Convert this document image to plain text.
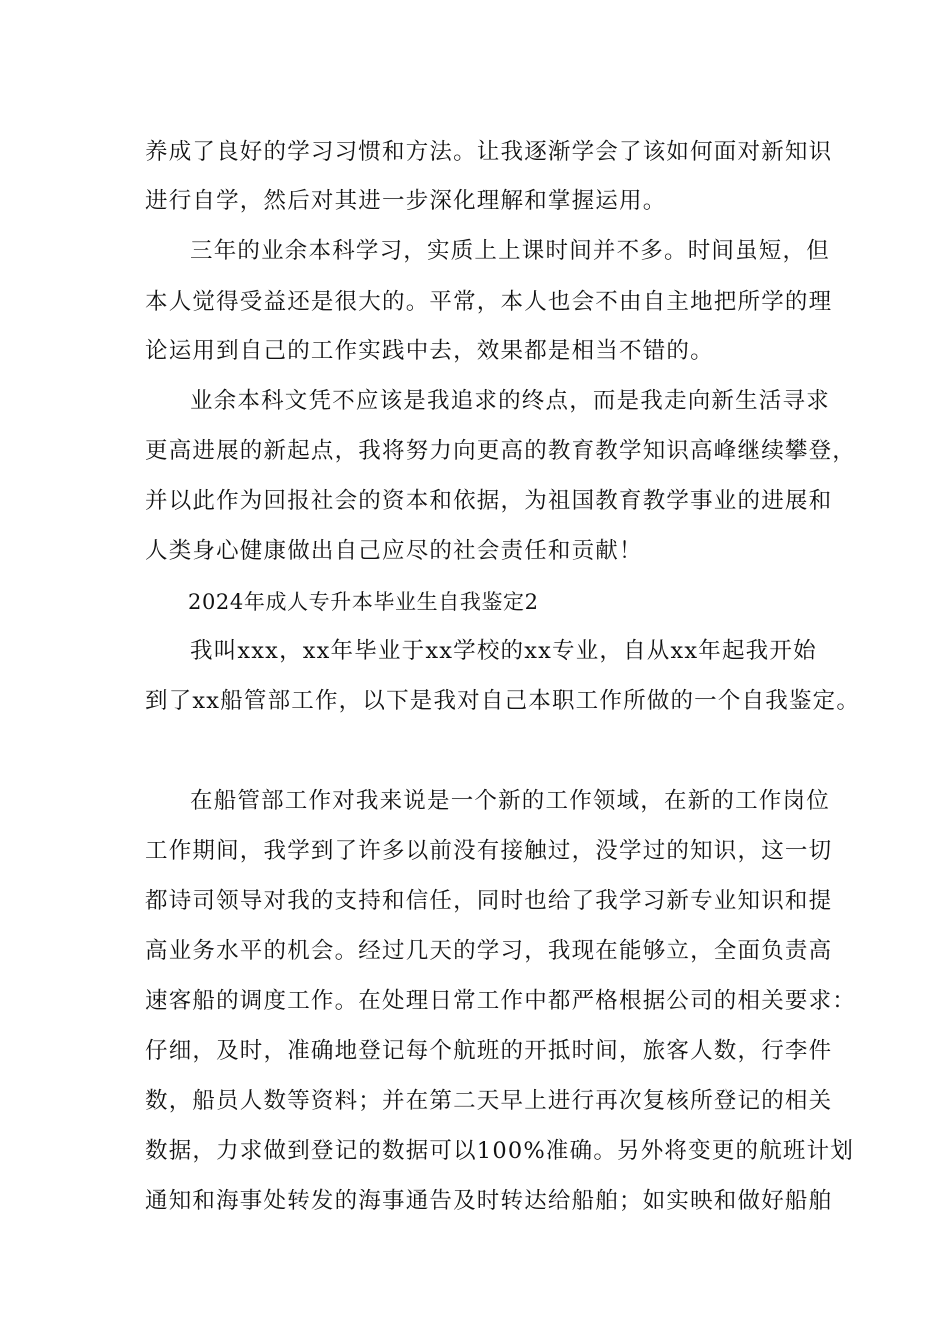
养成了良好的学习习惯和方法。让我逐渐学会了该如何面对新知识
进行自学，然后对其进一步深化理解和掌握运用。
三年的业余本科学习，实质上上课时间并不多。时间虽短，但
本人觉得受益还是很大的。平常，本人也会不由自主地把所学的理
论运用到自己的工作实践中去，效果都是相当不错的。
业余本科文凭不应该是我追求的终点，而是我走向新生活寻求
更高进展的新起点，我将努力向更高的教育教学知识高峰继续攀登，
并以此作为回报社会的资本和依据，为祖国教育教学事业的进展和
人类身心健康做出自己应尽的社会责任和贡献！
2024年成人专升本毕业生自我鉴定2
我叫xxx，xx年毕业于xx学校的xx专业，自从xx年起我开始
到了xx船管部工作，以下是我对自己本职工作所做的一个自我鉴定。
在船管部工作对我来说是一个新的工作领域，在新的工作岗位
工作期间，我学到了许多以前没有接触过，没学过的知识，这一切
都诗司领导对我的支持和信任，同时也给了我学习新专业知识和提
高业务水平的机会。经过几天的学习，我现在能够立，全面负责高
速客船的调度工作。在处理日常工作中都严格根据公司的相关要求：
仔细，及时，准确地登记每个航班的开抵时间，旅客人数，行李件
数，船员人数等资料；并在第二天早上进行再次复核所登记的相关
数据，力求做到登记的数据可以100%准确。另外将变更的航班计划
通知和海事处转发的海事通告及时转达给船舶；如实映和做好船舶
